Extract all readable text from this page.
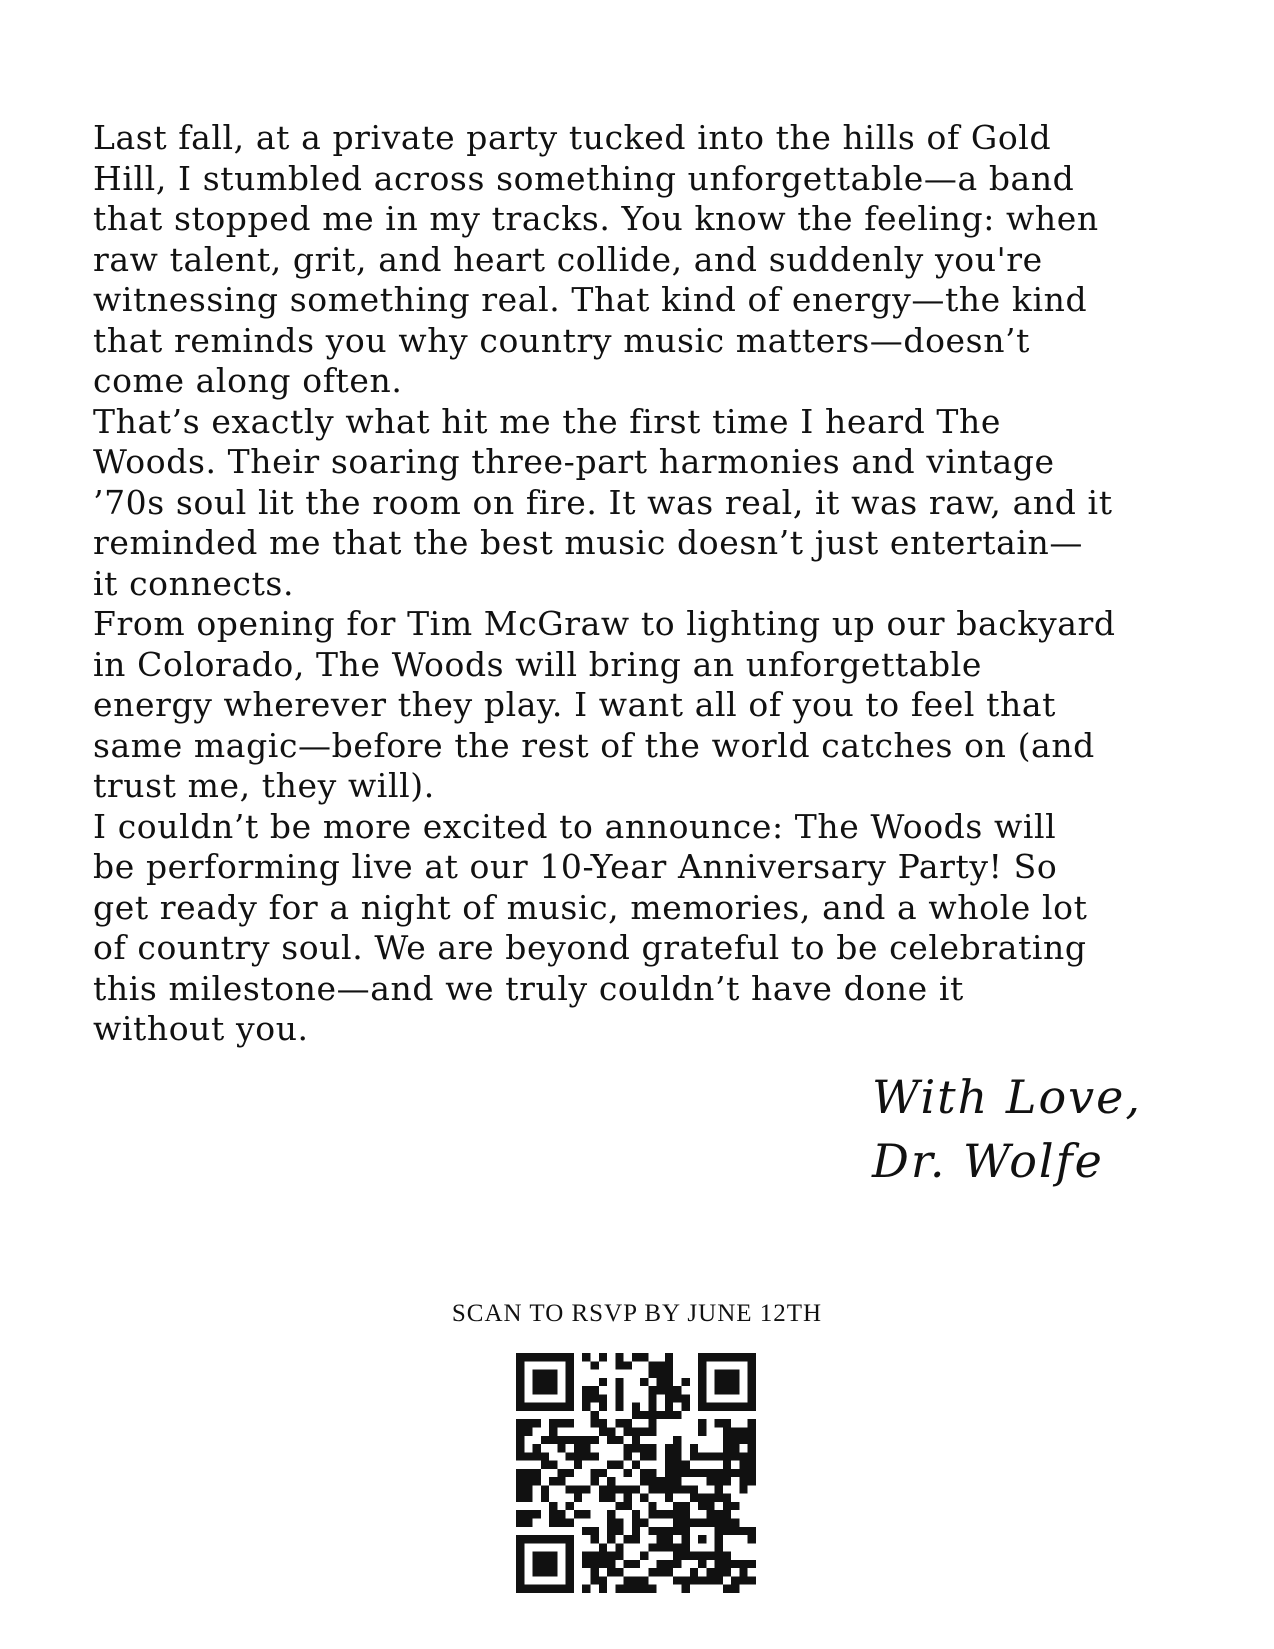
Last fall, at a private party tucked into the hills of Gold
Hill, I stumbled across something unforgettable—a band
that stopped me in my tracks. You know the feeling: when
raw talent, grit, and heart collide, and suddenly you're
witnessing something real. That kind of energy—the kind
that reminds you why country music matters—doesn’t
come along often.

That’s exactly what hit me the first time I heard The
Woods. Their soaring three-part harmonies and vintage
’70s soul lit the room on fire. It was real, it was raw, and it
reminded me that the best music doesn’t just entertain—
it connects.

From opening for Tim McGraw to lighting up our backyard
in Colorado, The Woods will bring an unforgettable
energy wherever they play. I want all of you to feel that
same magic—before the rest of the world catches on (and
trust me, they will).

I couldn’t be more excited to announce: The Woods will
be performing live at our 10-Year Anniversary Party! So
get ready for a night of music, memories, and a whole lot
of country soul. We are beyond grateful to be celebrating
this milestone—and we truly couldn’t have done it
without you.

With Love,
Dr. Wolfe
SCAN TO RSVP BY JUNE 12TH
